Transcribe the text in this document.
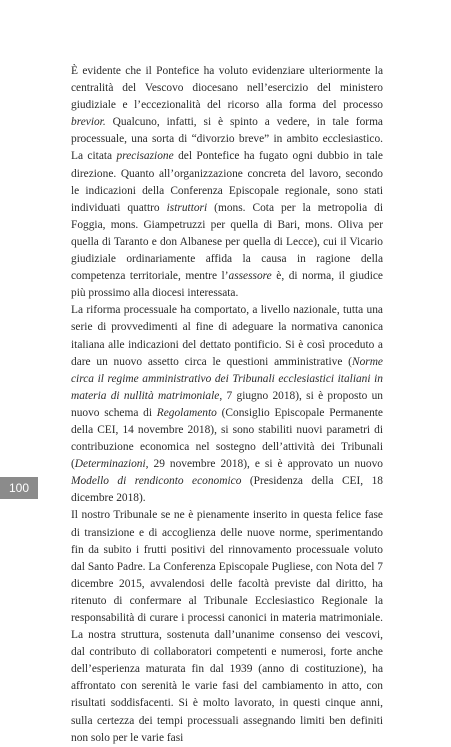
È evidente che il Pontefice ha voluto evidenziare ulteriormente la centralità del Vescovo diocesano nell’esercizio del ministero giudiziale e l’eccezionalità del ricorso alla forma del processo brevior. Qualcuno, infatti, si è spinto a vedere, in tale forma processuale, una sorta di “divorzio breve” in ambito ecclesiastico. La citata precisazione del Pontefice ha fugato ogni dubbio in tale direzione. Quanto all’organizzazione concreta del lavoro, secondo le indicazioni della Conferenza Episcopale regionale, sono stati individuati quattro istruttori (mons. Cota per la metropolia di Foggia, mons. Giampetruzzi per quella di Bari, mons. Oliva per quella di Taranto e don Albanese per quella di Lecce), cui il Vicario giudiziale ordinariamente affida la causa in ragione della competenza territoriale, mentre l’assessore è, di norma, il giudice più prossimo alla diocesi interessata.

La riforma processuale ha comportato, a livello nazionale, tutta una serie di provvedimenti al fine di adeguare la normativa canonica italiana alle indicazioni del dettato pontificio. Si è così proceduto a dare un nuovo assetto circa le questioni amministrative (Norme circa il regime amministrativo dei Tribunali ecclesiastici italiani in materia di nullità matrimoniale, 7 giugno 2018), si è proposto un nuovo schema di Regolamento (Consiglio Episcopale Permanente della CEI, 14 novembre 2018), si sono stabiliti nuovi parametri di contribuzione economica nel sostegno dell’attività dei Tribunali (Determinazioni, 29 novembre 2018), e si è approvato un nuovo Modello di rendiconto economico (Presidenza della CEI, 18 dicembre 2018).

Il nostro Tribunale se ne è pienamente inserito in questa felice fase di transizione e di accoglienza delle nuove norme, sperimentando fin da subito i frutti positivi del rinnovamento processuale voluto dal Santo Padre. La Conferenza Episcopale Pugliese, con Nota del 7 dicembre 2015, avvalendosi delle facoltà previste dal diritto, ha ritenuto di confermare al Tribunale Ecclesiastico Regionale la responsabilità di curare i processi canonici in materia matrimoniale. La nostra struttura, sostenuta dall’unanime consenso dei vescovi, dal contributo di collaboratori competenti e numerosi, forte anche dell’esperienza maturata fin dal 1939 (anno di costituzione), ha affrontato con serenità le varie fasi del cambiamento in atto, con risultati soddisfacenti. Si è molto lavorato, in questi cinque anni, sulla certezza dei tempi processuali assegnando limiti ben definiti non solo per le varie fasi

100
